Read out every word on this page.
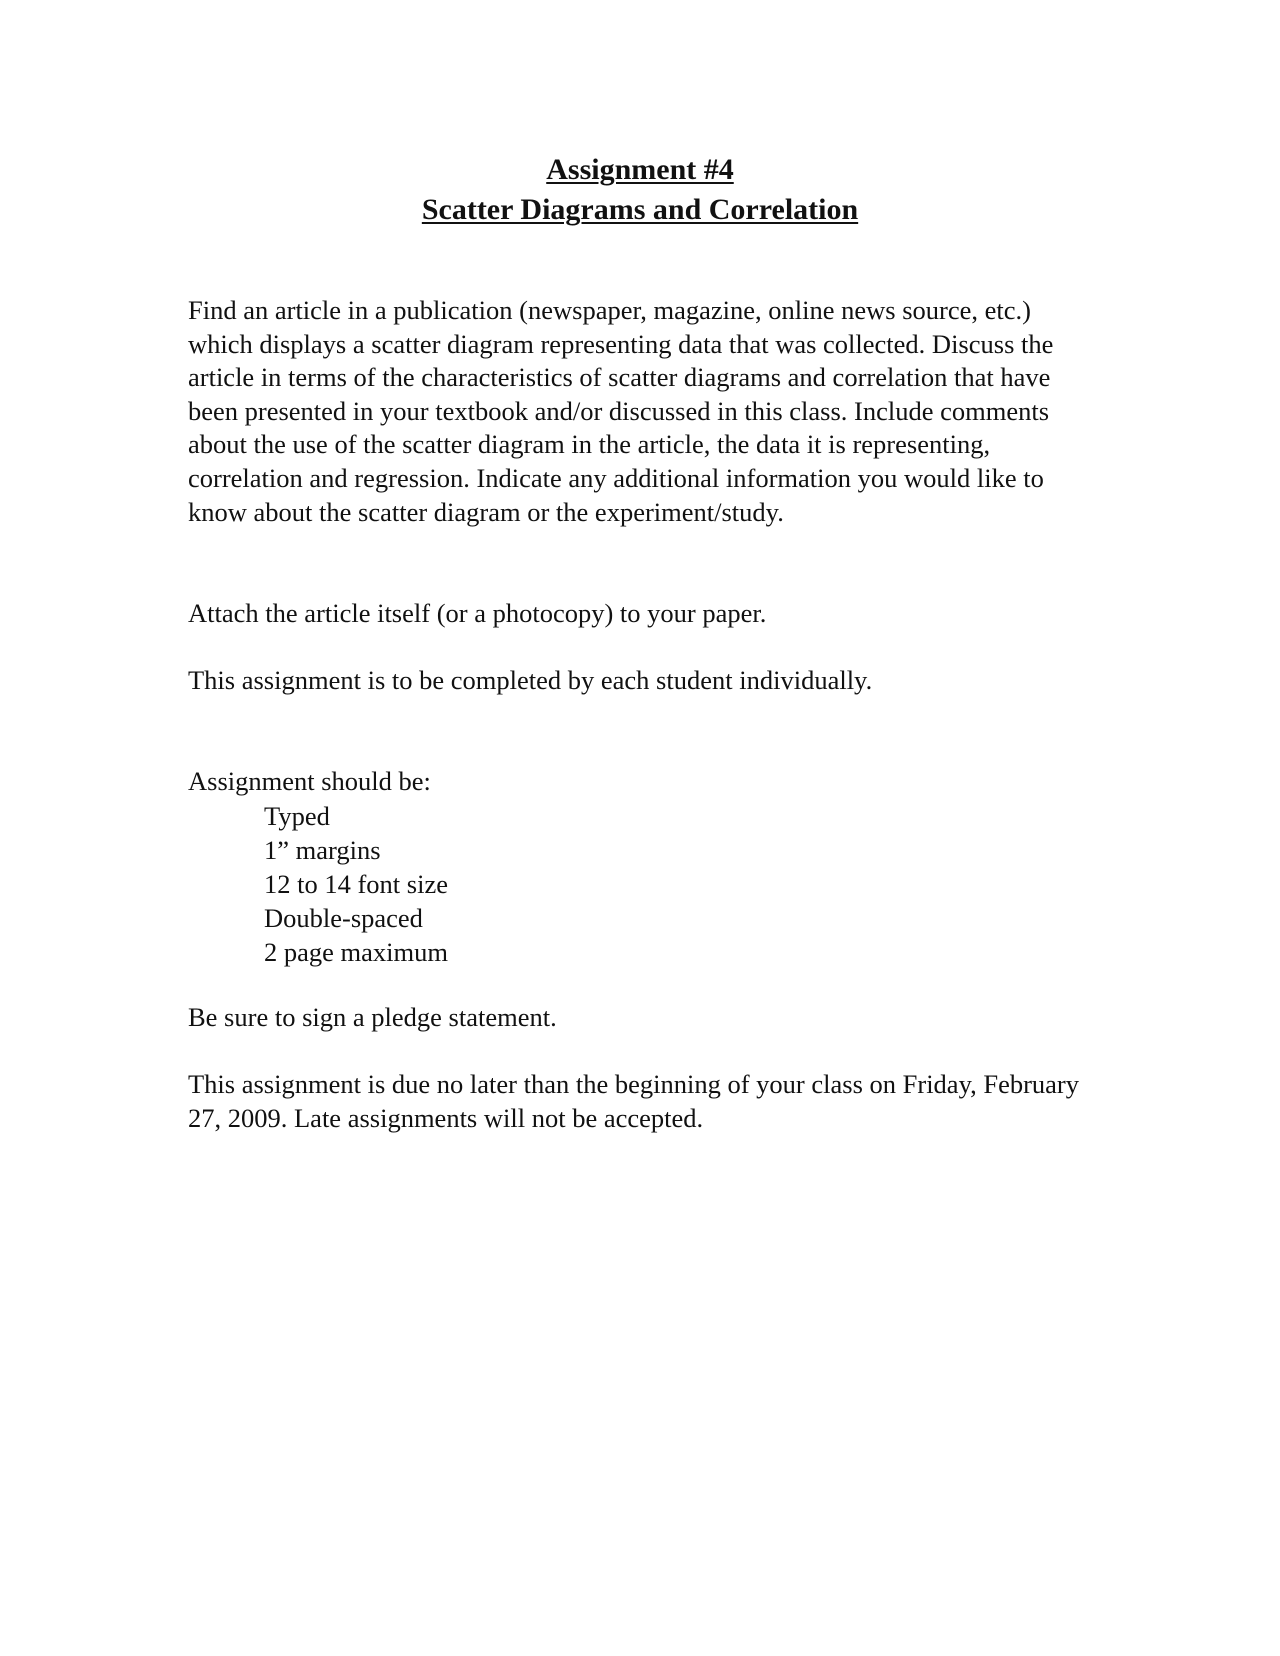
Assignment #4
Scatter Diagrams and Correlation

Find an article in a publication (newspaper, magazine, online news source, etc.) which displays a scatter diagram representing data that was collected. Discuss the article in terms of the characteristics of scatter diagrams and correlation that have been presented in your textbook and/or discussed in this class. Include comments about the use of the scatter diagram in the article, the data it is representing, correlation and regression. Indicate any additional information you would like to know about the scatter diagram or the experiment/study.

Attach the article itself (or a photocopy) to your paper.

This assignment is to be completed by each student individually.

Assignment should be:

Typed
1” margins
12 to 14 font size
Double-spaced
2 page maximum

Be sure to sign a pledge statement.

This assignment is due no later than the beginning of your class on Friday, February 27, 2009. Late assignments will not be accepted.
